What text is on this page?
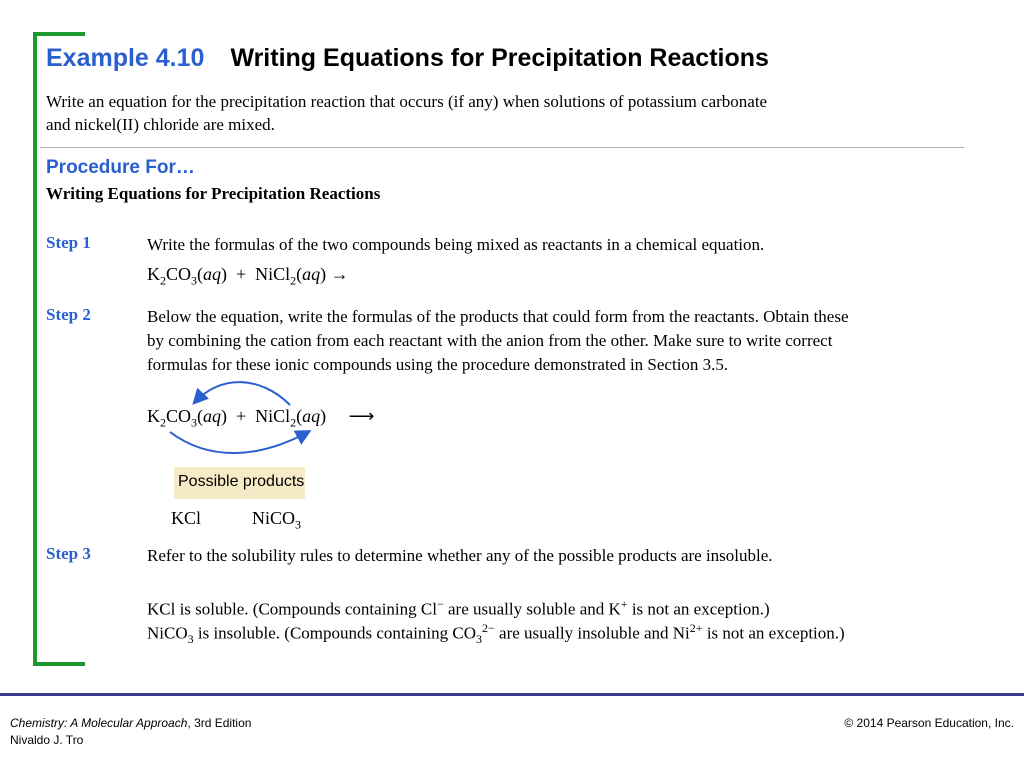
Example 4.10 Writing Equations for Precipitation Reactions
Write an equation for the precipitation reaction that occurs (if any) when solutions of potassium carbonate
and nickel(II) chloride are mixed.
Procedure For…
Writing Equations for Precipitation Reactions
Step 1	Write the formulas of the two compounds being mixed as reactants in a chemical equation.
$K_2CO_3(aq)$  +  NiCl$_2$(aq) →
Step 2	Below the equation, write the formulas of the products that could form from the reactants. Obtain these
by combining the cation from each reactant with the anion from the other. Make sure to write correct
formulas for these ionic compounds using the procedure demonstrated in Section 3.5.
$K_2CO_3(aq)$  +  NiCl$_2$(aq)     ⟶
Possible products
KCl	NiCO$_3$
Step 3	Refer to the solubility rules to determine whether any of the possible products are insoluble.
KCl is soluble. (Compounds containing Cl− are usually soluble and K+ is not an exception.)
NiCO$_3$ is insoluble. (Compounds containing $CO_3^{2-}$ are usually insoluble and $Ni^{2+}$ is not an exception.)
Chemistry: A Molecular Approach, 3rd Edition
Nivaldo J. Tro
© 2014 Pearson Education, Inc.
